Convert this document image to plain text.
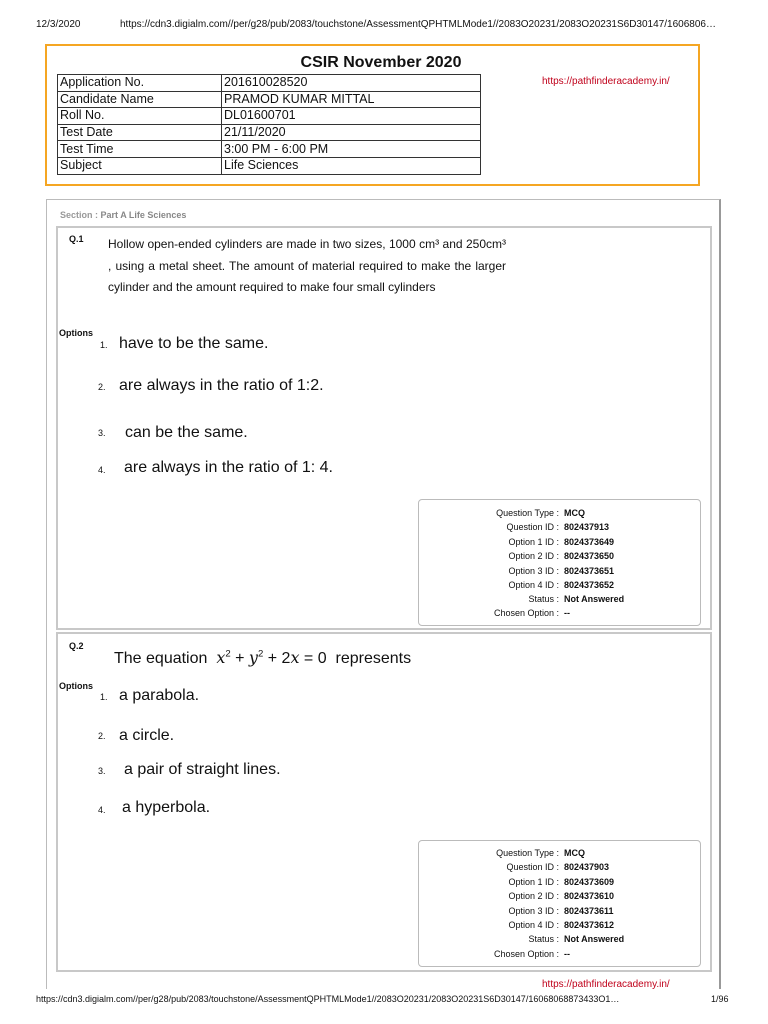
12/3/2020	https://cdn3.digialm.com//per/g28/pub/2083/touchstone/AssessmentQPHTMLMode1//2083O20231/2083O20231S6D30147/1606806…
CSIR November 2020
https://pathfinderacademy.in/
Application No.	201610028520
Candidate Name	PRAMOD KUMAR MITTAL
Roll No.	DL01600701
Test Date	21/11/2020
Test Time	3:00 PM - 6:00 PM
Subject	Life Sciences
Section : Part A Life Sciences
Q.1 Hollow open-ended cylinders are made in two sizes, 1000 cm³ and 250cm³ , using a metal sheet. The amount of material required to make the larger cylinder and the amount required to make four small cylinders
Options
1. have to be the same.
2. are always in the ratio of 1:2.
3. can be the same.
4. are always in the ratio of 1: 4.
Question Type : MCQ
Question ID : 802437913
Option 1 ID : 8024373649
Option 2 ID : 8024373650
Option 3 ID : 8024373651
Option 4 ID : 8024373652
Status : Not Answered
Chosen Option : --
Q.2
The equation $x^2 + y^2 + 2x = 0$  represents
Options
1. a parabola.
2. a circle.
3. a pair of straight lines.
4. a hyperbola.
Question Type : MCQ
Question ID : 802437903
Option 1 ID : 8024373609
Option 2 ID : 8024373610
Option 3 ID : 8024373611
Option 4 ID : 8024373612
Status : Not Answered
Chosen Option : --
https://pathfinderacademy.in/
https://cdn3.digialm.com//per/g28/pub/2083/touchstone/AssessmentQPHTMLMode1//2083O20231/2083O20231S6D30147/16068068873433O1…	1/96
